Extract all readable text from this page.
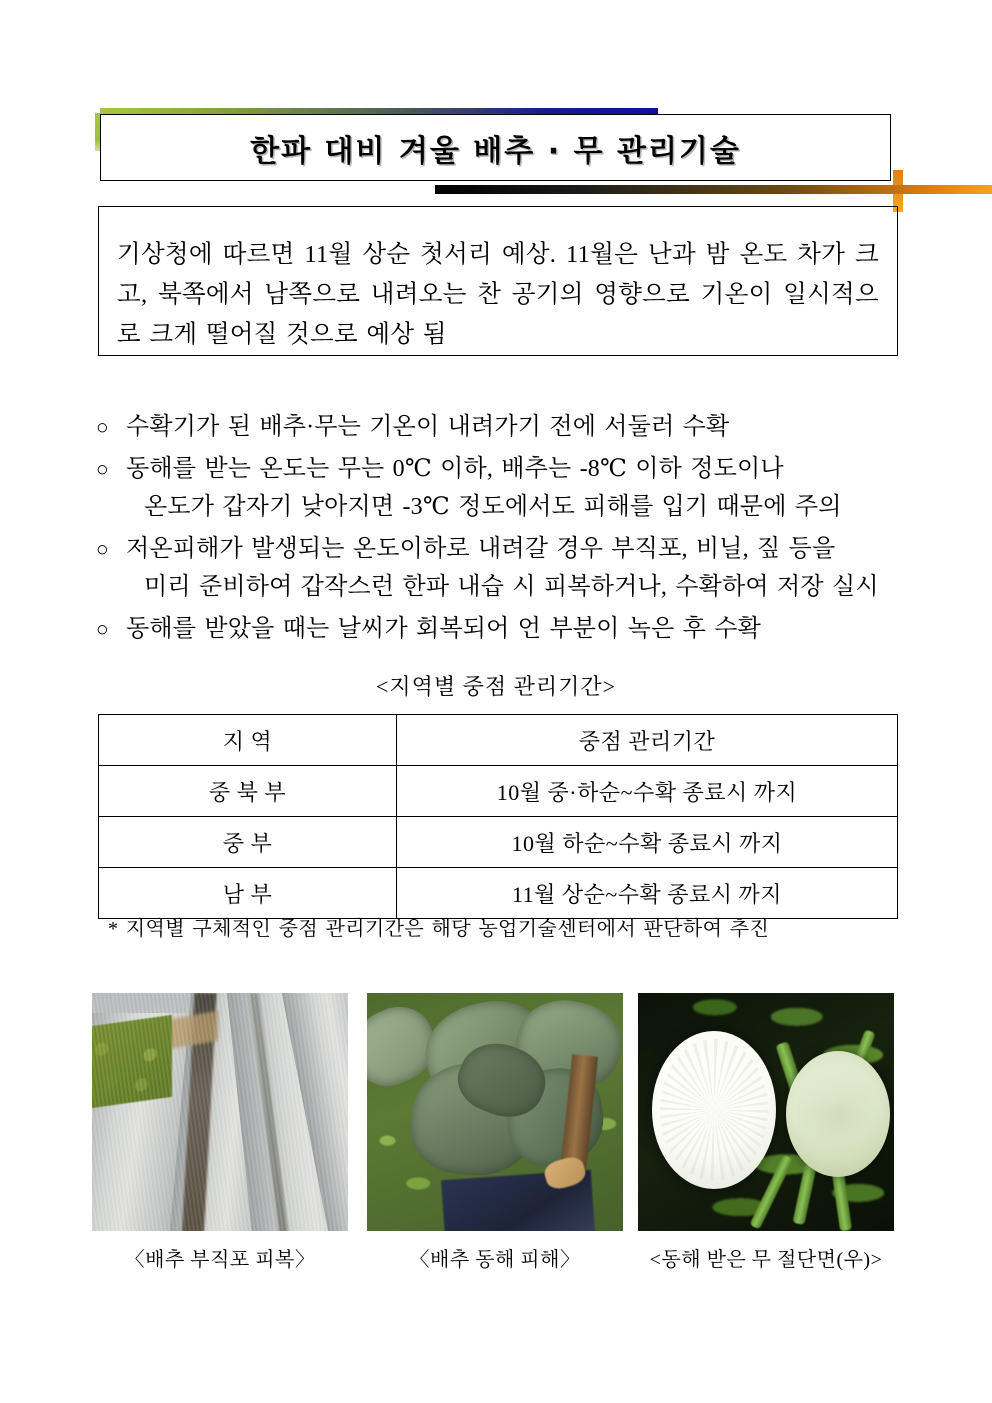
한파 대비 겨울 배추 · 무 관리기술

기상청에 따르면 11월 상순 첫서리 예상. 11월은 난과 밤 온도 차가 크고, 북쪽에서 남쪽으로 내려오는 찬 공기의 영향으로 기온이 일시적으로 크게 떨어질 것으로 예상 됨

○ 수확기가 된 배추·무는 기온이 내려가기 전에 서둘러 수확
○ 동해를 받는 온도는 무는 0℃ 이하, 배추는 -8℃ 이하 정도이나
온도가 갑자기 낮아지면 -3℃ 정도에서도 피해를 입기 때문에 주의
○ 저온피해가 발생되는 온도이하로 내려갈 경우 부직포, 비닐, 짚 등을
미리 준비하여 갑작스런 한파 내습 시 피복하거나, 수확하여 저장 실시
○ 동해를 받았을 때는 날씨가 회복되어 언 부분이 녹은 후 수확
<지역별 중점 관리기간>
지 역	중점 관리기간
중 북 부	10월 중·하순~수확 종료시 까지
중 부	10월 하순~수확 종료시 까지
남 부	11월 상순~수확 종료시 까지
* 지역별 구체적인 중점 관리기간은 해당 농업기술센터에서 판단하여 추진
〈배추 부직포 피복〉	〈배추 동해 피해〉	<동해 받은 무 절단면(우)>
